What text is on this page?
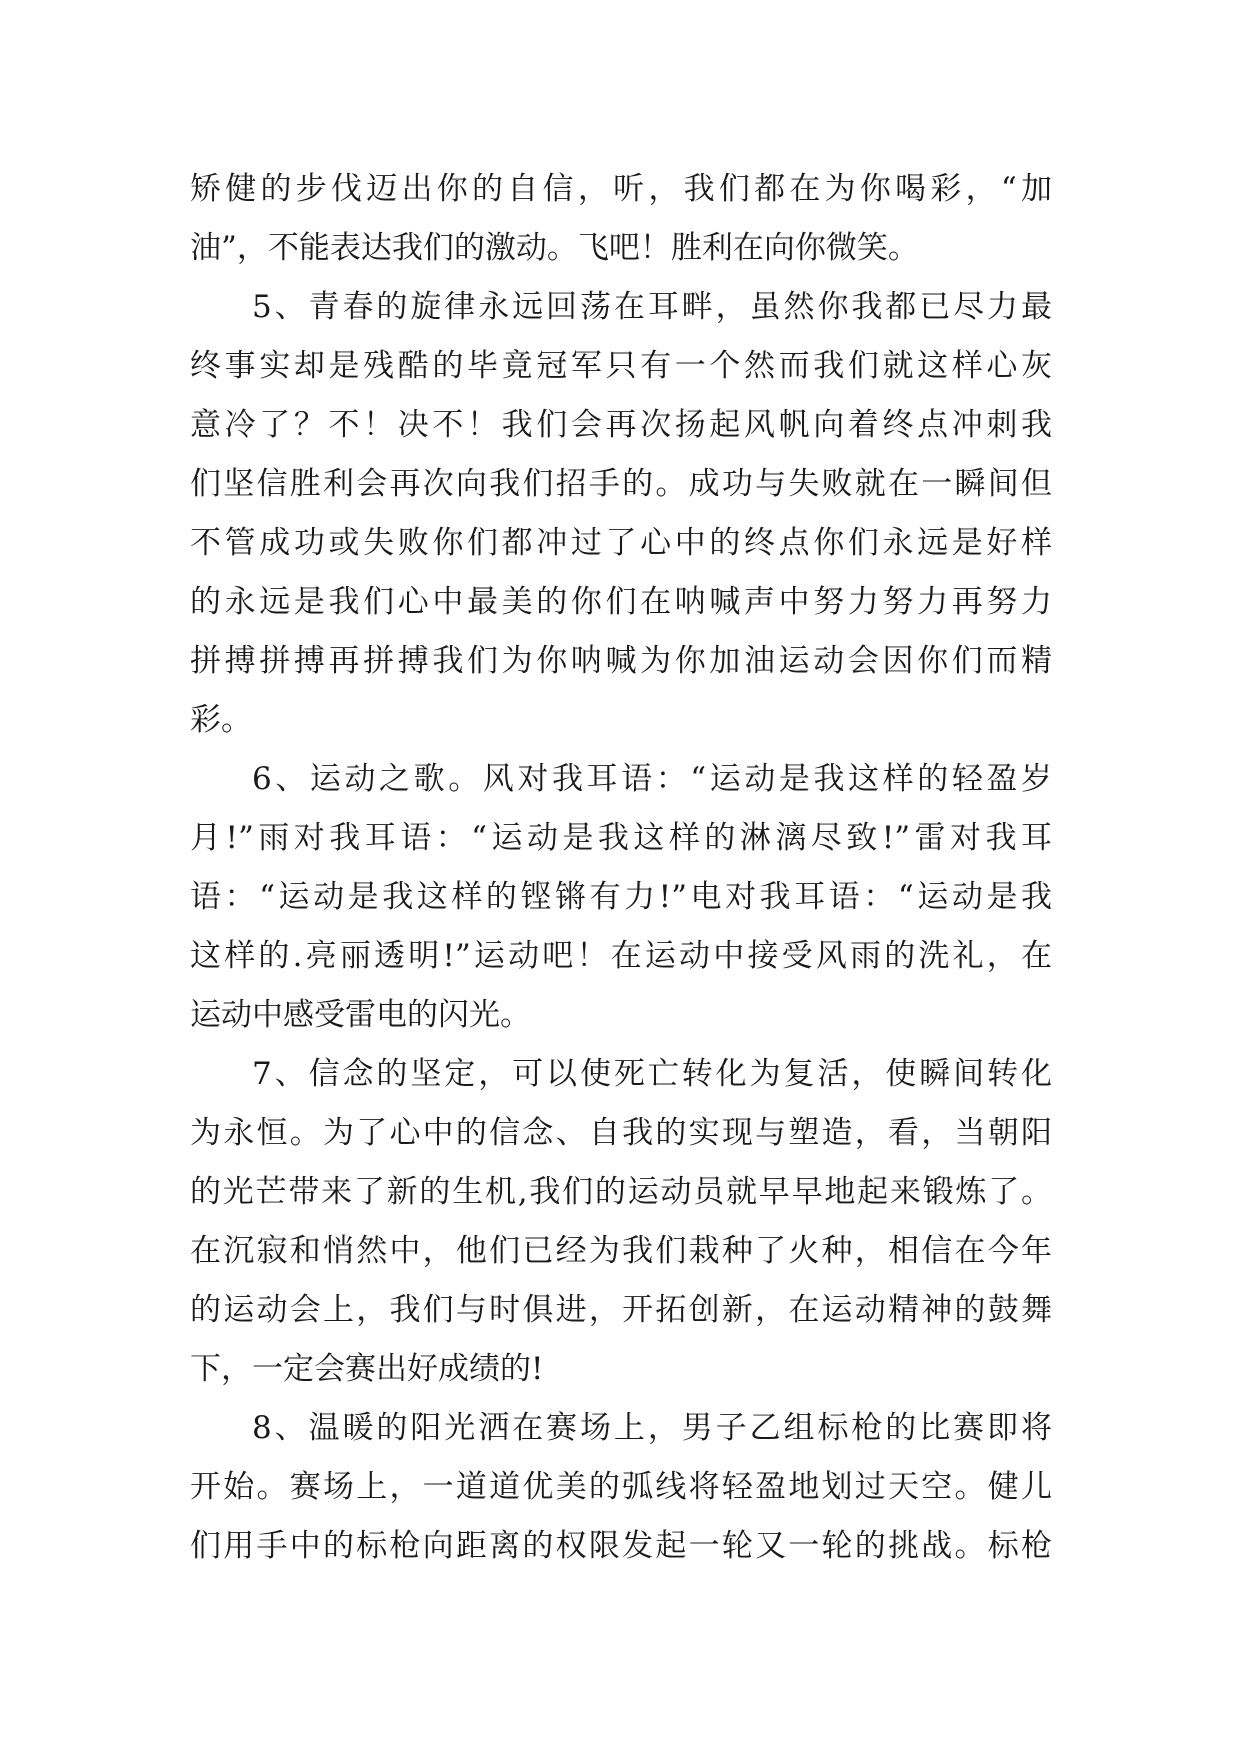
矫健的步伐迈出你的自信，听，我们都在为你喝彩，“加
油”，不能表达我们的激动。飞吧！胜利在向你微笑。
5、青春的旋律永远回荡在耳畔，虽然你我都已尽力最
终事实却是残酷的毕竟冠军只有一个然而我们就这样心灰
意冷了？不！决不！我们会再次扬起风帆向着终点冲刺我
们坚信胜利会再次向我们招手的。成功与失败就在一瞬间但
不管成功或失败你们都冲过了心中的终点你们永远是好样
的永远是我们心中最美的你们在呐喊声中努力努力再努力
拼搏拼搏再拼搏我们为你呐喊为你加油运动会因你们而精
彩。
6、运动之歌。风对我耳语：“运动是我这样的轻盈岁
月!”雨对我耳语：“运动是我这样的淋漓尽致!”雷对我耳
语：“运动是我这样的铿锵有力!”电对我耳语：“运动是我
这样的.亮丽透明!”运动吧！在运动中接受风雨的洗礼，在
运动中感受雷电的闪光。
7、信念的坚定，可以使死亡转化为复活，使瞬间转化
为永恒。为了心中的信念、自我的实现与塑造，看，当朝阳
的光芒带来了新的生机,我们的运动员就早早地起来锻炼了。
在沉寂和悄然中，他们已经为我们栽种了火种，相信在今年
的运动会上，我们与时俱进，开拓创新，在运动精神的鼓舞
下，一定会赛出好成绩的!
8、温暖的阳光洒在赛场上，男子乙组标枪的比赛即将
开始。赛场上，一道道优美的弧线将轻盈地划过天空。健儿
们用手中的标枪向距离的权限发起一轮又一轮的挑战。标枪
